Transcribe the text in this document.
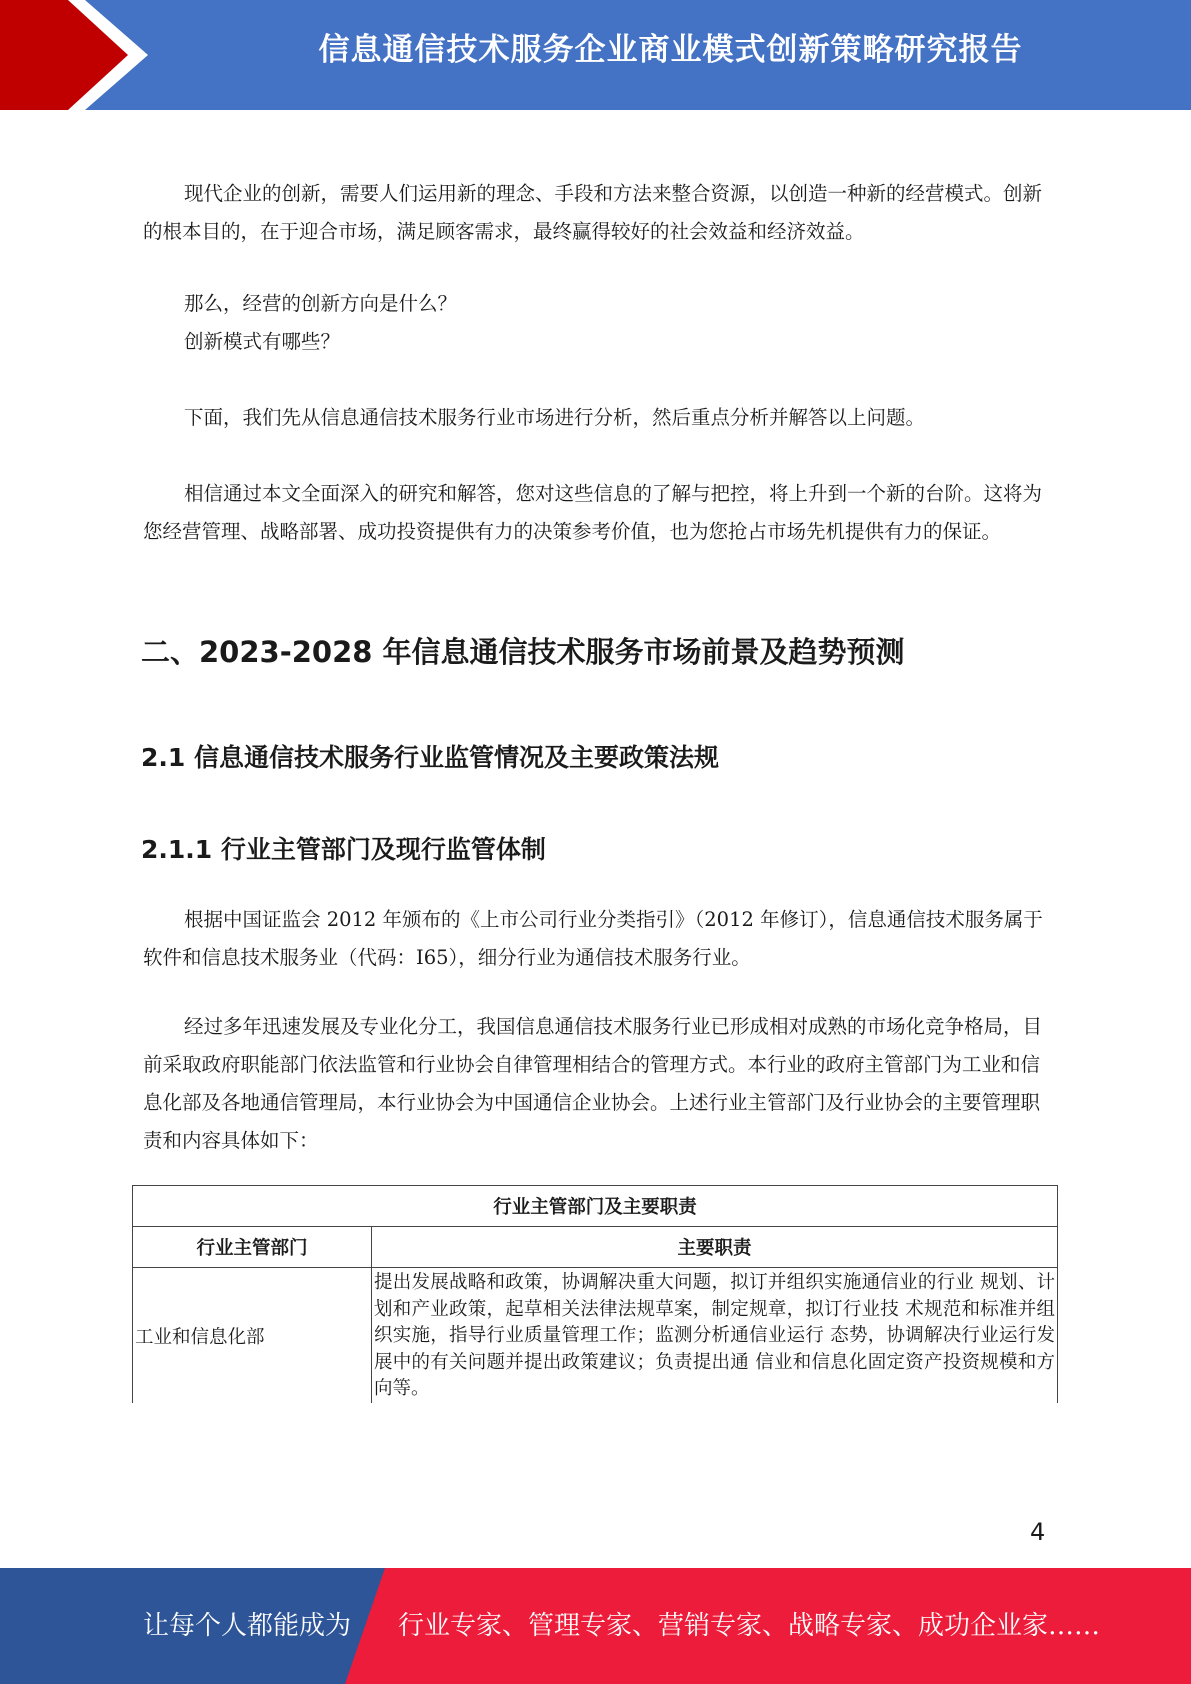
信息通信技术服务企业商业模式创新策略研究报告

现代企业的创新，需要人们运用新的理念、手段和方法来整合资源，以创造一种新的经营模式。创新的根本目的，在于迎合市场，满足顾客需求，最终赢得较好的社会效益和经济效益。

那么，经营的创新方向是什么？

创新模式有哪些？

下面，我们先从信息通信技术服务行业市场进行分析，然后重点分析并解答以上问题。

相信通过本文全面深入的研究和解答，您对这些信息的了解与把控，将上升到一个新的台阶。这将为您经营管理、战略部署、成功投资提供有力的决策参考价值，也为您抢占市场先机提供有力的保证。

二、2023-2028 年信息通信技术服务市场前景及趋势预测
2.1 信息通信技术服务行业监管情况及主要政策法规
2.1.1 行业主管部门及现行监管体制

根据中国证监会 2012 年颁布的《上市公司行业分类指引》（2012 年修订），信息通信技术服务属于软件和信息技术服务业（代码：I65），细分行业为通信技术服务行业。

经过多年迅速发展及专业化分工，我国信息通信技术服务行业已形成相对成熟的市场化竞争格局，目前采取政府职能部门依法监管和行业协会自律管理相结合的管理方式。本行业的政府主管部门为工业和信息化部及各地通信管理局，本行业协会为中国通信企业协会。上述行业主管部门及行业协会的主要管理职责和内容具体如下：

行业主管部门及主要职责	
行业主管部门	主要职责
工业和信息化部	提出发展战略和政策，协调解决重大问题，拟订并组织实施通信业的行业 规划、计划和产业政策，起草相关法律法规草案，制定规章，拟订行业技 术规范和标准并组织实施，指导行业质量管理工作；监测分析通信业运行 态势，协调解决行业运行发展中的有关问题并提出政策建议；负责提出通 信业和信息化固定资产投资规模和方向等。
4
让每个人都能成为 行业专家、管理专家、营销专家、战略专家、成功企业家……
